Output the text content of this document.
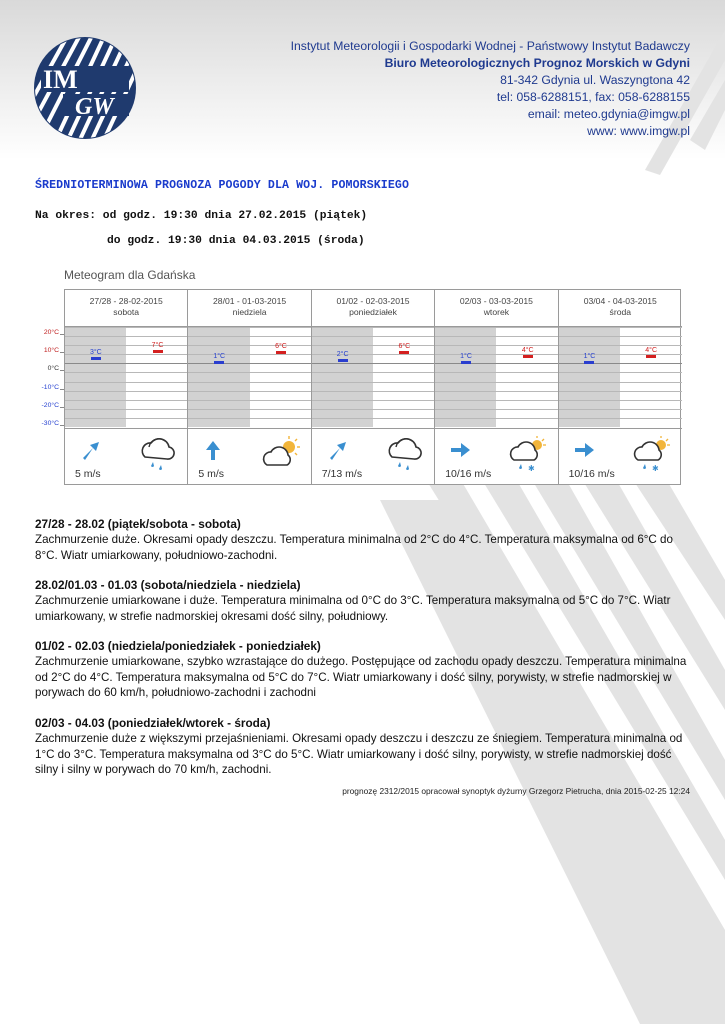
IM
GW
Instytut Meteorologii i Gospodarki Wodnej - Państwowy Instytut Badawczy
Biuro Meteorologicznych Prognoz Morskich w Gdyni
81-342 Gdynia ul. Waszyngtona 42
tel: 058-6288151, fax: 058-6288155
email: meteo.gdynia@imgw.pl
www: www.imgw.pl
ŚREDNIOTERMINOWA PROGNOZA POGODY DLA WOJ. POMORSKIEGO
Na okres: od godz. 19:30 dnia 27.02.2015 (piątek)
do godz. 19:30 dnia 04.03.2015 (środa)
Meteogram dla Gdańska
20°C
10°C
0°C
-10°C
-20°C
-30°C
27/28 - 28-02-2015
sobota
3°C
7°C
5 m/s
28/01 - 01-03-2015
niedziela
1°C
6°C
5 m/s
01/02 - 02-03-2015
poniedziałek
2°C
6°C
7/13 m/s
02/03 - 03-03-2015
wtorek
1°C
4°C
10/16 m/s	✱
03/04 - 04-03-2015
środa
1°C
4°C
10/16 m/s	✱
27/28 - 28.02 (piątek/sobota - sobota)

Zachmurzenie duże. Okresami opady deszczu. Temperatura minimalna od 2°C do 4°C. Temperatura maksymalna od 6°C do 8°C. Wiatr umiarkowany, południowo-zachodni.

28.02/01.03 - 01.03 (sobota/niedziela - niedziela)

Zachmurzenie umiarkowane i duże. Temperatura minimalna od 0°C do 3°C. Temperatura maksymalna od 5°C do 7°C. Wiatr umiarkowany, w strefie nadmorskiej okresami dość silny, południowy.

01/02 - 02.03 (niedziela/poniedziałek - poniedziałek)

Zachmurzenie umiarkowane, szybko wzrastające do dużego. Postępujące od zachodu opady deszczu. Temperatura minimalna od 2°C do 4°C. Temperatura maksymalna od 5°C do 7°C. Wiatr umiarkowany i dość silny, porywisty, w strefie nadmorskiej w porywach do 60 km/h, południowo-zachodni i zachodni

02/03 - 04.03 (poniedziałek/wtorek - środa)

Zachmurzenie duże z większymi przejaśnieniami. Okresami opady deszczu i deszczu ze śniegiem. Temperatura minimalna od 1°C do 3°C. Temperatura maksymalna od 3°C do 5°C. Wiatr umiarkowany i dość silny, porywisty, w strefie nadmorskiej dość silny i silny w porywach do 70 km/h, zachodni.

prognozę 2312/2015 opracował synoptyk dyżurny Grzegorz Pietrucha, dnia 2015-02-25 12:24
